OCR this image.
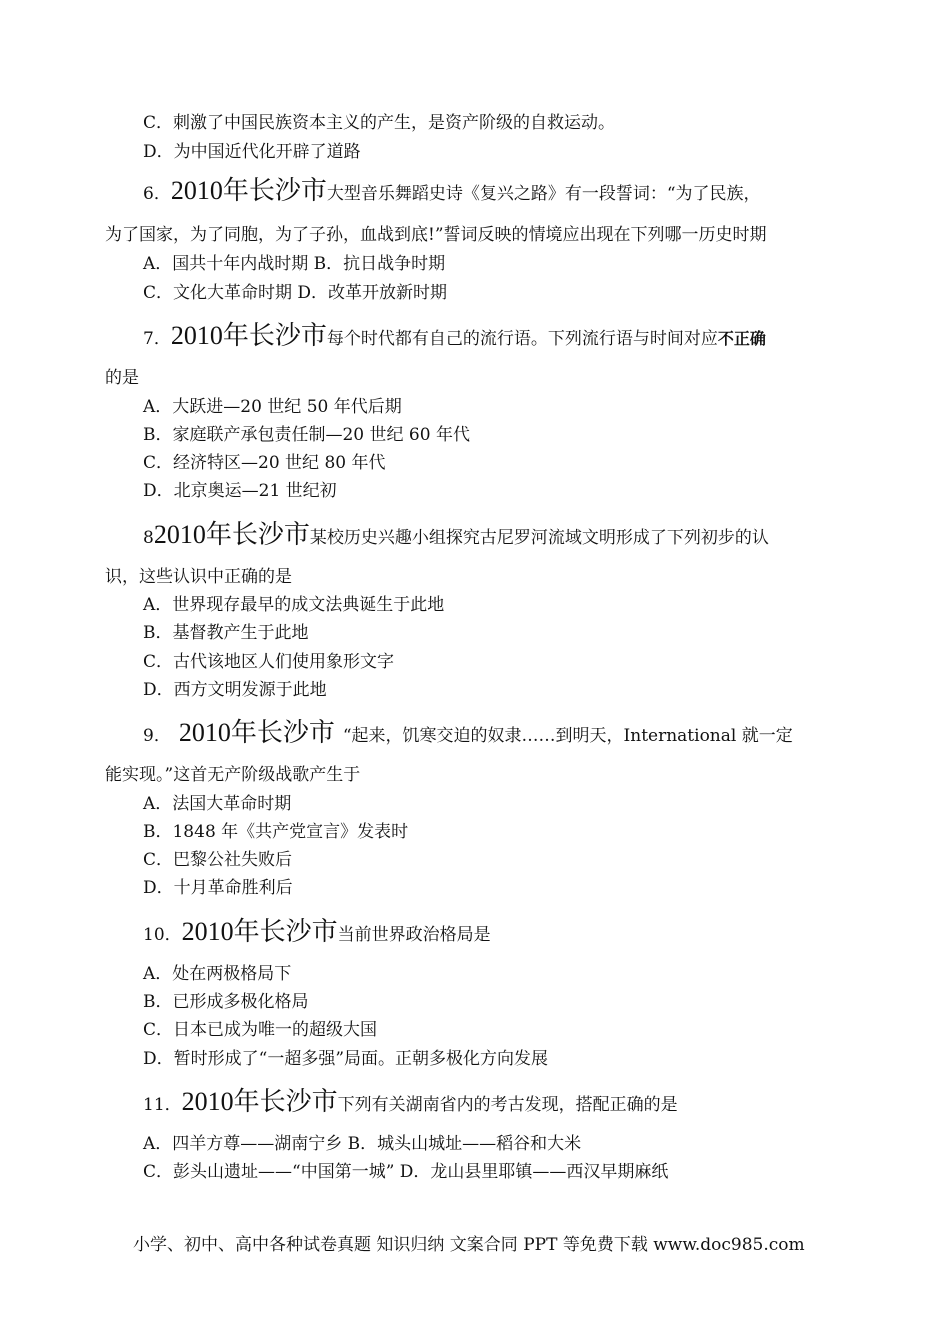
C．刺激了中国民族资本主义的产生，是资产阶级的自救运动。
D．为中国近代化开辟了道路
6．2010年长沙市大型音乐舞蹈史诗《复兴之路》有一段誓词：“为了民族，
为了国家，为了同胞，为了子孙，血战到底!”誓词反映的情境应出现在下列哪一历史时期
A．国共十年内战时期 B．抗日战争时期
C．文化大革命时期 D．改革开放新时期
7．2010年长沙市每个时代都有自己的流行语。下列流行语与时间对应不正确
的是
A．大跃进—20 世纪 50 年代后期
B．家庭联产承包责任制—20 世纪 60 年代
C．经济特区—20 世纪 80 年代
D．北京奥运—21 世纪初
82010年长沙市某校历史兴趣小组探究古尼罗河流域文明形成了下列初步的认
识，这些认识中正确的是
A．世界现存最早的成文法典诞生于此地
B．基督教产生于此地
C．古代该地区人们使用象形文字
D．西方文明发源于此地
9． 2010年长沙市 “起来，饥寒交迫的奴隶……到明天，International 就一定
能实现。”这首无产阶级战歌产生于
A．法国大革命时期
B．1848 年《共产党宣言》发表时
C．巴黎公社失败后
D．十月革命胜利后
10．2010年长沙市当前世界政治格局是
A．处在两极格局下
B．已形成多极化格局
C．日本已成为唯一的超级大国
D．暂时形成了“一超多强”局面。正朝多极化方向发展
11．2010年长沙市下列有关湖南省内的考古发现，搭配正确的是
A．四羊方尊——湖南宁乡 B．城头山城址——稻谷和大米
C．彭头山遗址——“中国第一城” D．龙山县里耶镇——西汉早期麻纸
小学、初中、高中各种试卷真题 知识归纳 文案合同 PPT 等免费下载 www.doc985.com
